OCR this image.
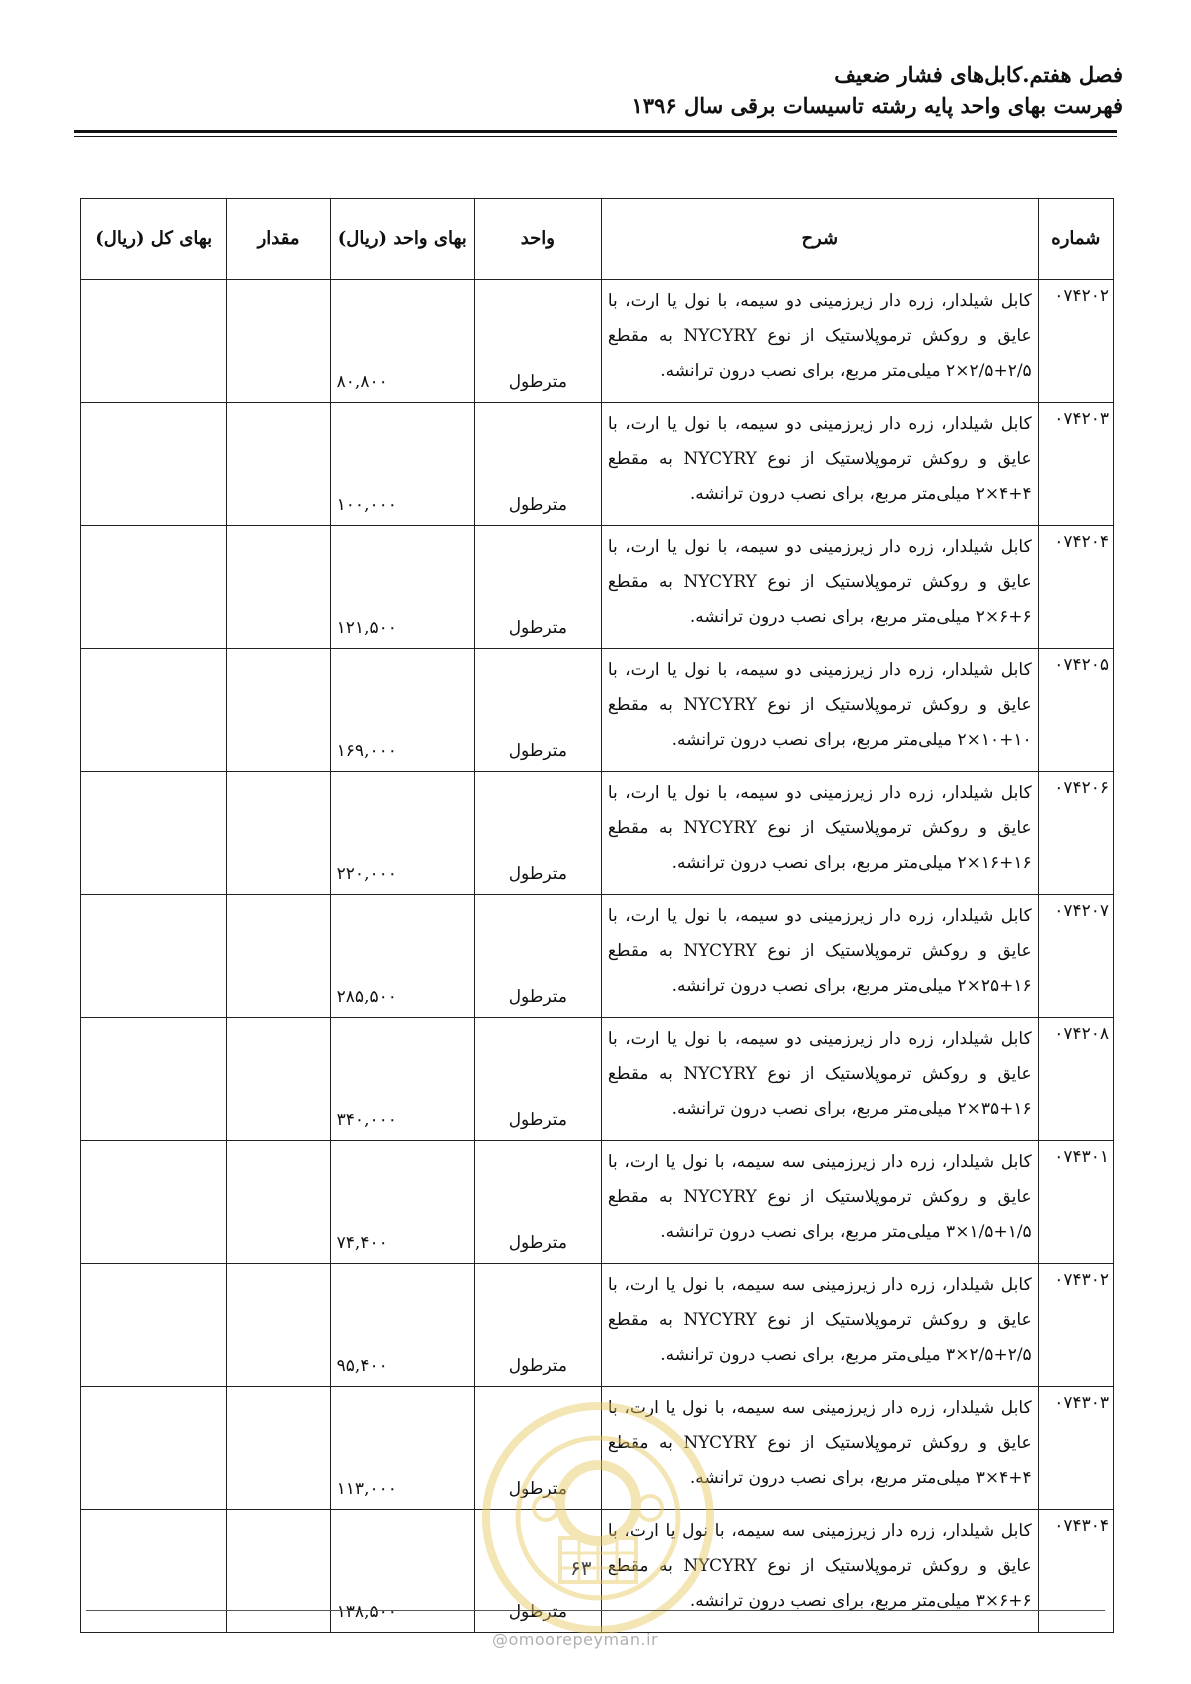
فصل هفتم.کابل‌های فشار ضعیف
فهرست بهای واحد پایه رشته تاسیسات برقی سال ۱۳۹۶
شماره	شرح	واحد	بهای واحد (ریال)	مقدار	بهای کل (ریال)
۰۷۴۲۰۲	کابل شیلدار، زره دار زیرزمینی دو سیمه، با نول یا ارت، با عایق و روکش ترموپلاستیک از نوع NYCYRY به مقطع ۲/۵+۲/۵×۲ میلی‌متر مربع، برای نصب درون ترانشه.	مترطول	۸۰,۸۰۰		
۰۷۴۲۰۳	کابل شیلدار، زره دار زیرزمینی دو سیمه، با نول یا ارت، با عایق و روکش ترموپلاستیک از نوع NYCYRY به مقطع ۴+۴×۲ میلی‌متر مربع، برای نصب درون ترانشه.	مترطول	۱۰۰,۰۰۰		
۰۷۴۲۰۴	کابل شیلدار، زره دار زیرزمینی دو سیمه، با نول یا ارت، با عایق و روکش ترموپلاستیک از نوع NYCYRY به مقطع ۶+۶×۲ میلی‌متر مربع، برای نصب درون ترانشه.	مترطول	۱۲۱,۵۰۰		
۰۷۴۲۰۵	کابل شیلدار، زره دار زیرزمینی دو سیمه، با نول یا ارت، با عایق و روکش ترموپلاستیک از نوع NYCYRY به مقطع ۱۰+۱۰×۲ میلی‌متر مربع، برای نصب درون ترانشه.	مترطول	۱۶۹,۰۰۰		
۰۷۴۲۰۶	کابل شیلدار، زره دار زیرزمینی دو سیمه، با نول یا ارت، با عایق و روکش ترموپلاستیک از نوع NYCYRY به مقطع ۱۶+۱۶×۲ میلی‌متر مربع، برای نصب درون ترانشه.	مترطول	۲۲۰,۰۰۰		
۰۷۴۲۰۷	کابل شیلدار، زره دار زیرزمینی دو سیمه، با نول یا ارت، با عایق و روکش ترموپلاستیک از نوع NYCYRY به مقطع ۱۶+۲۵×۲ میلی‌متر مربع، برای نصب درون ترانشه.	مترطول	۲۸۵,۵۰۰		
۰۷۴۲۰۸	کابل شیلدار، زره دار زیرزمینی دو سیمه، با نول یا ارت، با عایق و روکش ترموپلاستیک از نوع NYCYRY به مقطع ۱۶+۳۵×۲ میلی‌متر مربع، برای نصب درون ترانشه.	مترطول	۳۴۰,۰۰۰		
۰۷۴۳۰۱	کابل شیلدار، زره دار زیرزمینی سه سیمه، با نول یا ارت، با عایق و روکش ترموپلاستیک از نوع NYCYRY به مقطع ۱/۵+۱/۵×۳ میلی‌متر مربع، برای نصب درون ترانشه.	مترطول	۷۴,۴۰۰		
۰۷۴۳۰۲	کابل شیلدار، زره دار زیرزمینی سه سیمه، با نول یا ارت، با عایق و روکش ترموپلاستیک از نوع NYCYRY به مقطع ۲/۵+۲/۵×۳ میلی‌متر مربع، برای نصب درون ترانشه.	مترطول	۹۵,۴۰۰		
۰۷۴۳۰۳	کابل شیلدار، زره دار زیرزمینی سه سیمه، با نول یا ارت، با عایق و روکش ترموپلاستیک از نوع NYCYRY به مقطع ۴+۴×۳ میلی‌متر مربع، برای نصب درون ترانشه.	مترطول	۱۱۳,۰۰۰		
۰۷۴۳۰۴	کابل شیلدار، زره دار زیرزمینی سه سیمه، با نول یا ارت، با عایق و روکش ترموپلاستیک از نوع NYCYRY به مقطع ۶+۶×۳ میلی‌متر مربع، برای نصب درون ترانشه.	مترطول	۱۳۸,۵۰۰		
۶۳
@omoorepeyman.ir
